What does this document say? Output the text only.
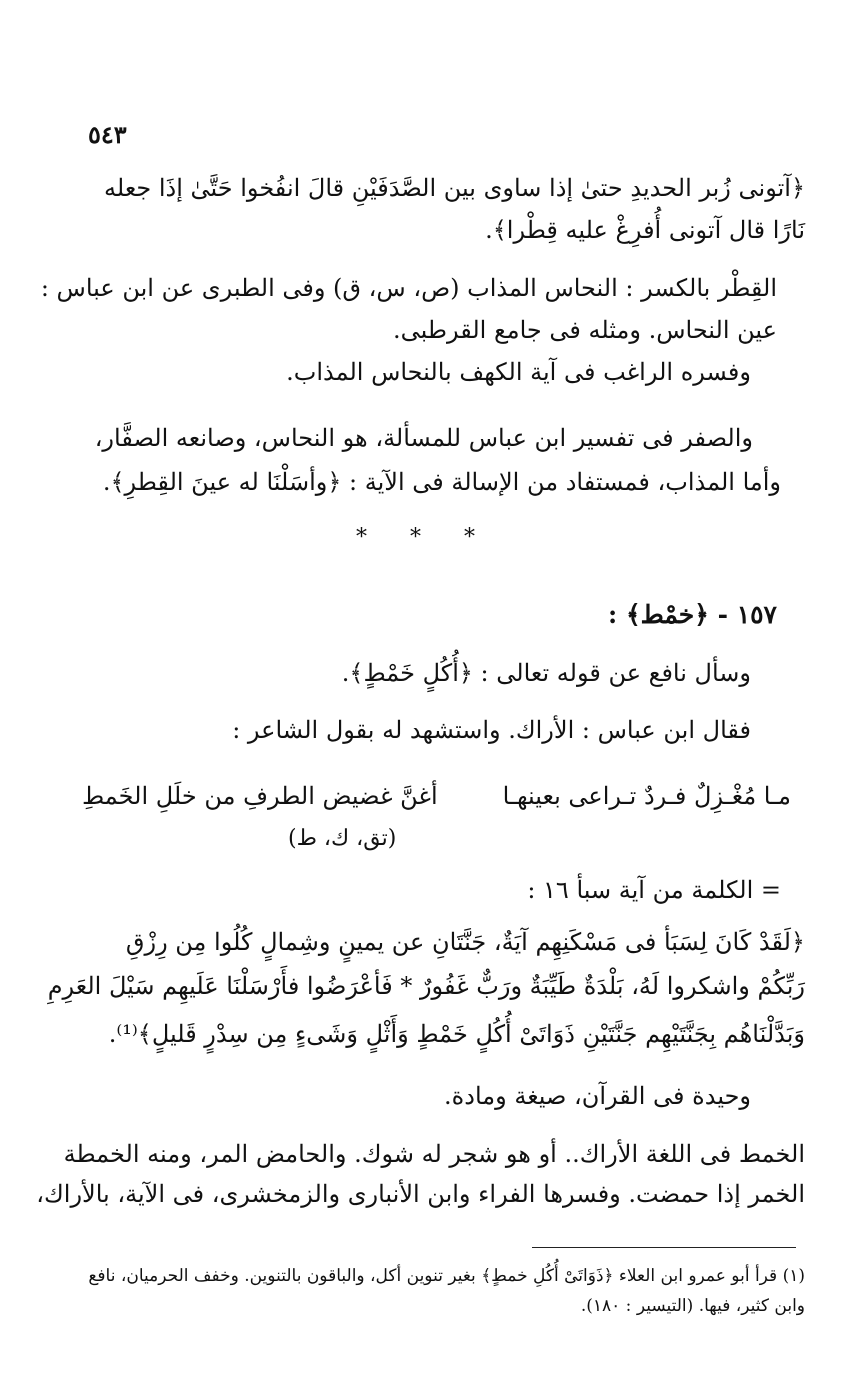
٥٤٣
﴿آتونى زُبر الحديدِ حتىٰ إذا ساوى بين الصَّدَفَيْنِ قالَ انفُخوا حَتَّىٰ إذَا جعله
نَارًا قال آتونى أُفرِغْ عليه قِطْرا﴾.
القِطْر بالكسر : النحاس المذاب (ص، س، ق) وفى الطبرى عن ابن عباس :
عين النحاس. ومثله فى جامع القرطبى.
وفسره الراغب فى آية الكهف بالنحاس المذاب.
والصفر فى تفسير ابن عباس للمسألة، هو النحاس، وصانعه الصفَّار،
وأما المذاب، فمستفاد من الإسالة فى الآية : ﴿وأسَلْنَا له عينَ القِطرِ﴾.
* * *
١٥٧ - ﴿خمْط﴾ :
وسأل نافع عن قوله تعالى : ﴿أُكُلٍ خَمْطٍ﴾.
فقال ابن عباس : الأراك. واستشهد له بقول الشاعر :
مـا مُغْـزِلٌ فـردٌ تـراعى بعينهـا
أغنَّ غضيض الطرفِ من خلَلِ الخَمطِ
(تق، ك، ط)
= الكلمة من آية سبأ ١٦ :
﴿لَقَدْ كَانَ لِسَبَأ فى مَسْكَنِهِم آيَةٌ، جَنَّتَانِ عن يمينٍ وشِمالٍ كُلُوا مِن رِزْقِ
رَبِّكُمْ واشكروا لَهُ، بَلْدَةٌ طَيِّبَةٌ ورَبٌّ غَفُورٌ * فَأعْرَضُوا فأَرْسَلْنَا عَلَيهِم سَيْلَ العَرِمِ
وَبَدَّلْنَاهُم بِجَنَّتَيْهِم جَنَّتَيْنِ ذَوَاتَىْ أُكُلٍ خَمْطٍ وَأَثْلٍ وَشَىءٍ مِن سِدْرٍ قَليلٍ﴾⁽¹⁾.
وحيدة فى القرآن، صيغة ومادة.
الخمط فى اللغة الأراك.. أو هو شجر له شوك. والحامض المر، ومنه الخمطة
الخمر إذا حمضت. وفسرها الفراء وابن الأنبارى والزمخشرى، فى الآية، بالأراك،
(١) قرأ أبو عمرو ابن العلاء ﴿ذَوَاتَىْ أُكُلِ خمطٍ﴾ بغير تنوين أكل، والباقون بالتنوين. وخفف الحرميان، نافع
وابن كثير، فيها. (التيسير : ١٨٠).
